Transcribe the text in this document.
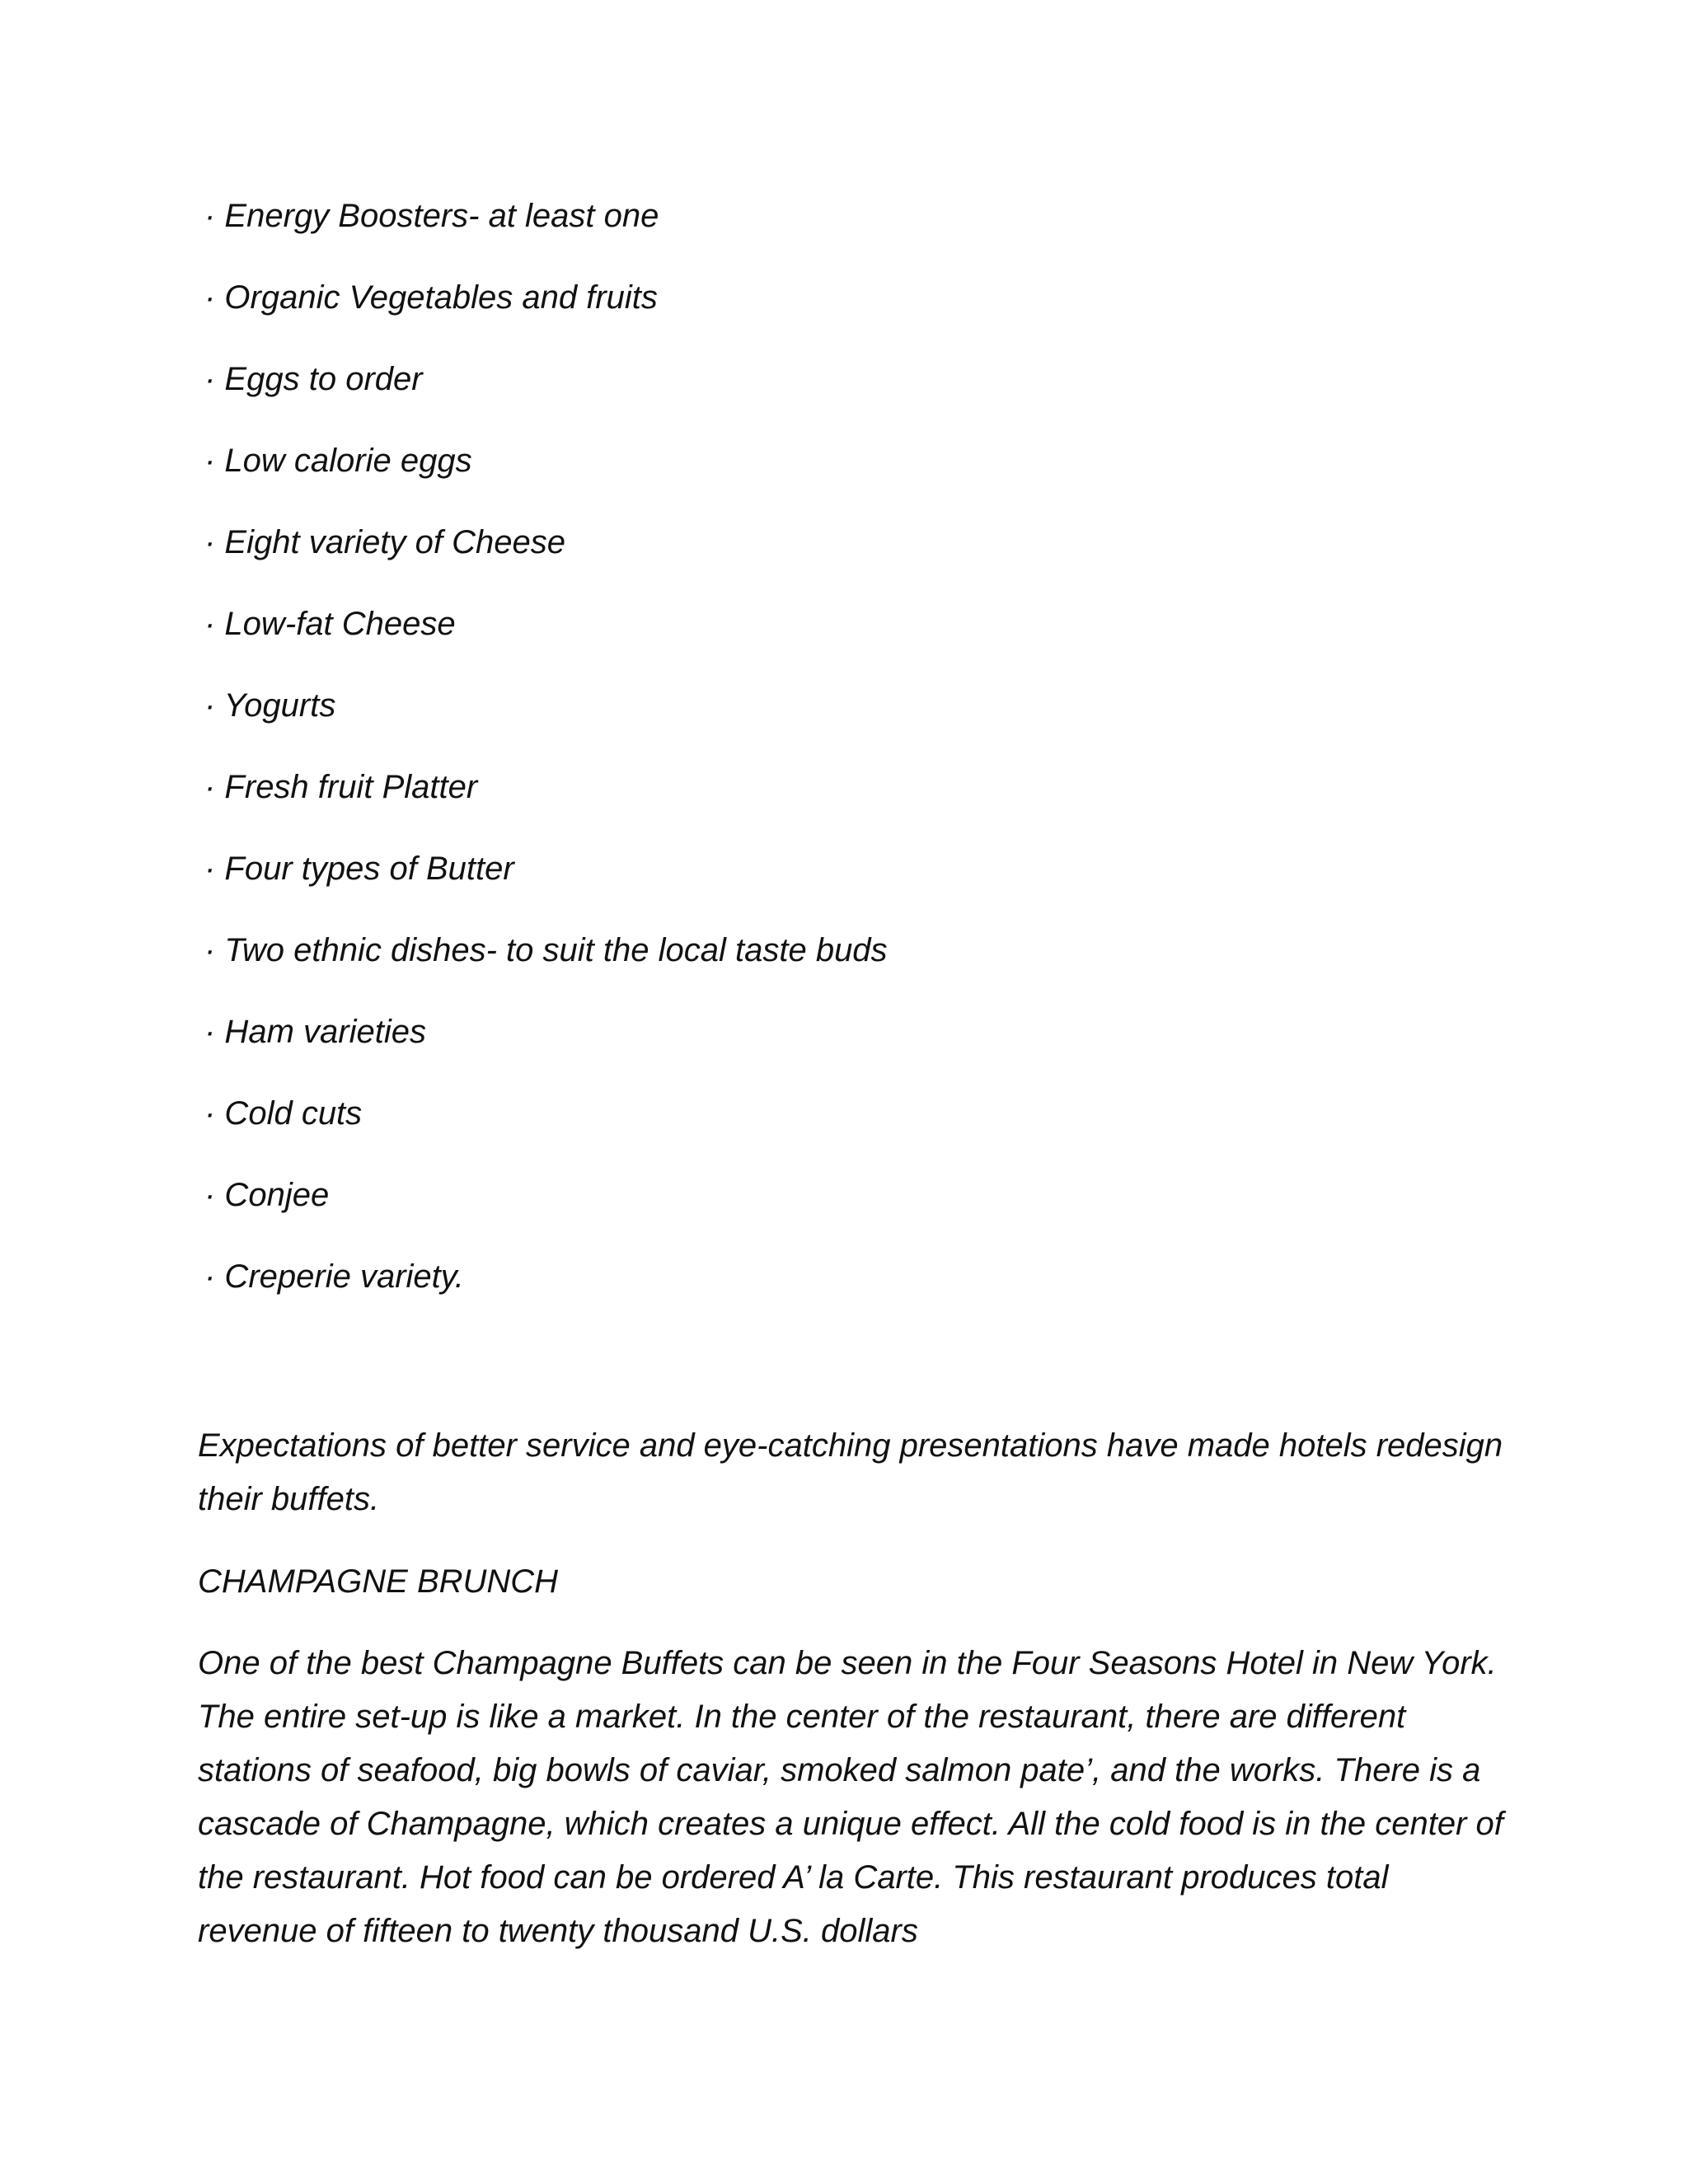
· Energy Boosters- at least one
· Organic Vegetables and fruits
· Eggs to order
· Low calorie eggs
· Eight variety of Cheese
· Low-fat Cheese
· Yogurts
· Fresh fruit Platter
· Four types of Butter
· Two ethnic dishes- to suit the local taste buds
· Ham varieties
· Cold cuts
· Conjee
· Creperie variety.

Expectations of better service and eye-catching presentations have made hotels redesign their buffets.

CHAMPAGNE BRUNCH

One of the best Champagne Buffets can be seen in the Four Seasons Hotel in New York. The entire set-up is like a market. In the center of the restaurant, there are different stations of seafood, big bowls of caviar, smoked salmon pate’, and the works. There is a cascade of Champagne, which creates a unique effect. All the cold food is in the center of the restaurant. Hot food can be ordered A’ la Carte. This restaurant produces total revenue of fifteen to twenty thousand U.S. dollars
